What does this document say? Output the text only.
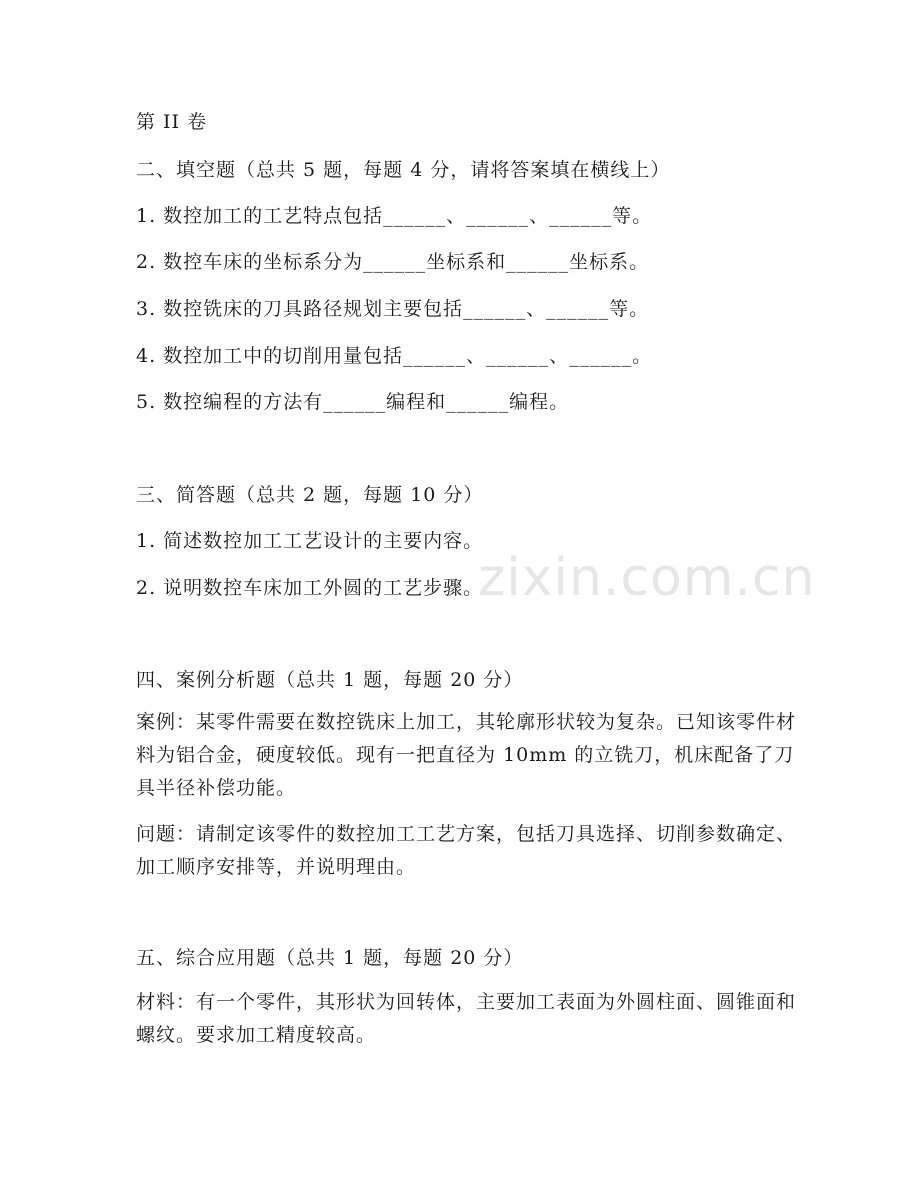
zixin.com.cn
第 II 卷
二、填空题（总共 5 题，每题 4 分，请将答案填在横线上）
1. 数控加工的工艺特点包括______、______、______等。
2. 数控车床的坐标系分为______坐标系和______坐标系。
3. 数控铣床的刀具路径规划主要包括______、______等。
4. 数控加工中的切削用量包括______、______、______。
5. 数控编程的方法有______编程和______编程。
三、简答题（总共 2 题，每题 10 分）
1. 简述数控加工工艺设计的主要内容。
2. 说明数控车床加工外圆的工艺步骤。
四、案例分析题（总共 1 题，每题 20 分）
案例：某零件需要在数控铣床上加工，其轮廓形状较为复杂。已知该零件材料为铝合金，硬度较低。现有一把直径为 10mm 的立铣刀，机床配备了刀具半径补偿功能。
问题：请制定该零件的数控加工工艺方案，包括刀具选择、切削参数确定、加工顺序安排等，并说明理由。
五、综合应用题（总共 1 题，每题 20 分）
材料：有一个零件，其形状为回转体，主要加工表面为外圆柱面、圆锥面和螺纹。要求加工精度较高。
